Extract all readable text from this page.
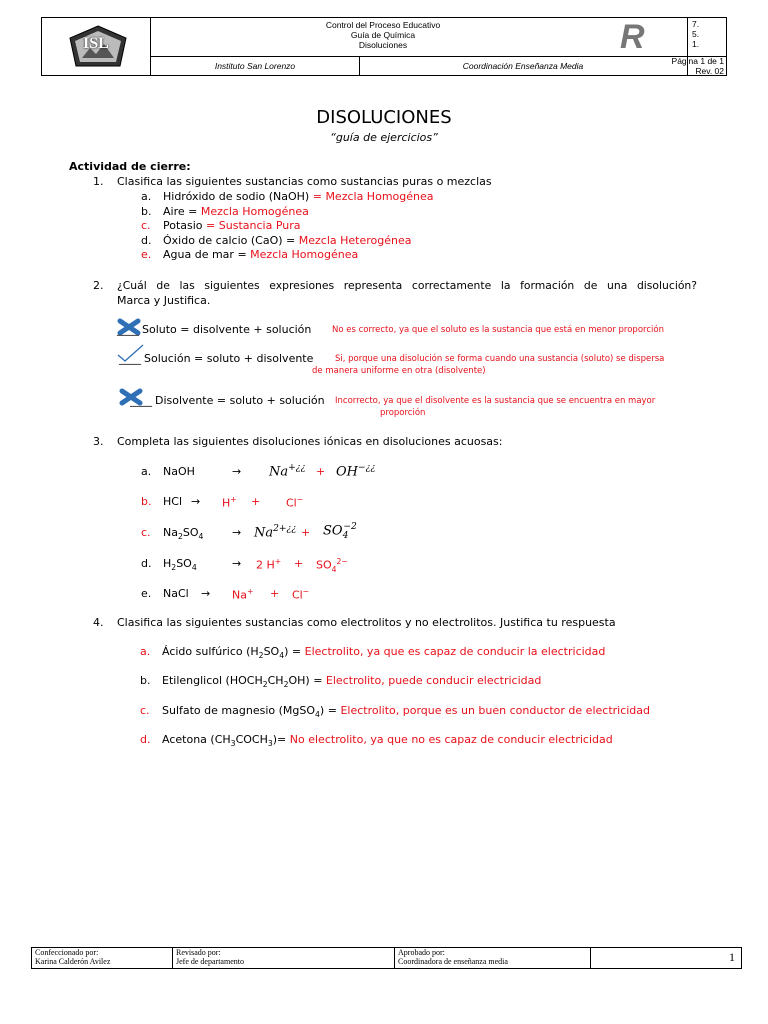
ISL
Control del Proceso Educativo
Guía de Química
Disoluciones	R	7.
5.
1.
Instituto San Lorenzo	Coordinación Enseñanza Media	Página 1 de 1
Rev. 02
DISOLUCIONES
“guía de ejercicios”
Actividad de cierre:
1. Clasifica las siguientes sustancias como sustancias puras o mezclas
a. Hidróxido de sodio (NaOH) = Mezcla Homogénea
b. Aire = Mezcla Homogénea
c. Potasio = Sustancia Pura
d. Óxido de calcio (CaO) = Mezcla Heterogénea
e. Agua de mar = Mezcla Homogénea
2. ¿Cuál de las siguientes expresiones representa correctamente la formación de una disolución?
Marca y Justifica.
____ Soluto = disolvente + solución No es correcto, ya que el soluto es la sustancia que está en menor proporción
____ Solución = soluto + disolvente	Si, porque una disolución se forma cuando una sustancia (soluto) se dispersa
de manera uniforme en otra (disolvente)
____ Disolvente = soluto + solución Incorrecto, ya que el disolvente es la sustancia que se encuentra en mayor
proporción
3. Completa las siguientes disoluciones iónicas en disoluciones acuosas:
a. NaOH	→ Na+¿¿ + OH−¿¿
b. HCl → H+ + Cl−
c. $Na_2SO_4$	→ $Na^{2+¿¿} + SO_4^{-2}$
d. $H_2SO_4$	→ 2 $H^+ + SO_4^{2-}$
e. NaCl → Na+ + Cl−
4. Clasifica las siguientes sustancias como electrolitos y no electrolitos. Justifica tu respuesta
a. Ácido sulfúrico $(H_2SO_4)$ = Electrolito, ya que es capaz de conducir la electricidad
b. Etilenglicol $(HOCH_2CH_2OH)$ = Electrolito, puede conducir electricidad
c. Sulfato de magnesio (MgSO$_4$) = Electrolito, porque es un buen conductor de electricidad
d. Acetona $(CH_3COCH_3)= No$ electrolito, ya que no es capaz de conducir electricidad
Confeccionado por:
Karina Calderón Avilez
Revisado por:
Jefe de departamento
Aprobado por:
Coordinadora de enseñanza media	1
